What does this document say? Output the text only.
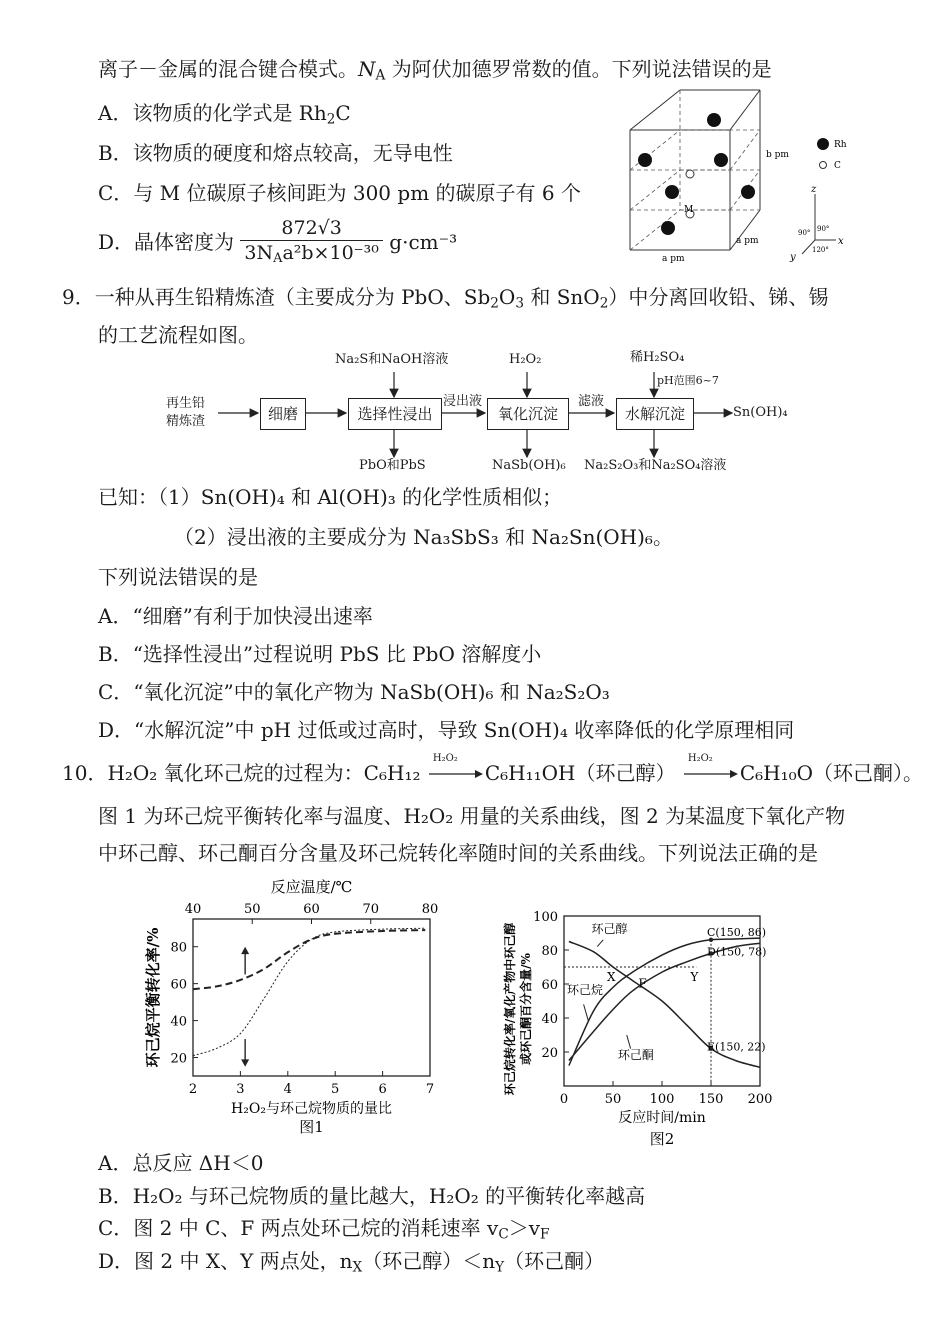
离子－金属的混合键合模式。$N_A$ 为阿伏加德罗常数的值。下列说法错误的是
A．该物质的化学式是 $Rh_2C$
B．该物质的硬度和熔点较高，无导电性
C．与 M 位碳原子核间距为 300 pm 的碳原子有 6 个
D．晶体密度为 $\frac{872√3}{3N_Aa^2b\times 10^{-30}} g\cdot cm^{-3}$
M
b pm
a pm
a pm
Rh
C
z
x
y
90° 90°
120°
9．一种从再生铅精炼渣（主要成分为 PbO、$Sb_2O_3$ 和 SnO$_2$）中分离回收铅、锑、锡
的工艺流程如图。
再生铅
精炼渣	细磨	选择性浸出	氧化沉淀	水解沉淀
Na₂S和NaOH溶液	H₂O₂	稀H₂SO₄
pH范围6~7
浸出液	滤液
PbO和PbS	NaSb(OH)₆ Na₂S₂O₃和Na₂SO₄溶液
Sn(OH)₄
已知：（1）Sn(OH)₄ 和 Al(OH)₃ 的化学性质相似；
（2）浸出液的主要成分为 Na₃SbS₃ 和 Na₂Sn(OH)₆。
下列说法错误的是
A．“细磨”有利于加快浸出速率
B．“选择性浸出”过程说明 PbS 比 PbO 溶解度小
C．“氧化沉淀”中的氧化产物为 NaSb(OH)₆ 和 Na₂S₂O₃
D．“水解沉淀”中 pH 过低或过高时，导致 Sn(OH)₄ 收率降低的化学原理相同
10．H₂O₂ 氧化环己烷的过程为：C₆H₁₂
H₂O₂
C₆H₁₁OH（环己醇）
H₂O₂
C₆H₁₀O（环己酮）。
图 1 为环己烷平衡转化率与温度、H₂O₂ 用量的关系曲线，图 2 为某温度下氧化产物
中环己醇、环己酮百分含量及环己烷转化率随时间的关系曲线。下列说法正确的是
2	3	4	5	6	7
40	50	60	70	80
20
40
60
80
反应温度/℃
H₂O₂与环己烷物质的量比
图1
环己烷平衡转化率/%
0	50 100 150 200
20
40
60
80
100
反应时间/min
图2
环己烷转化率/氧化产物中环己醇 或环己酮百分含量/%
环己醇
环己烷
环己酮
C(150, 86)
D(150, 78)
E(150, 22)
X	Y
F
A．总反应 ΔH＜0
B．H₂O₂ 与环己烷物质的量比越大，H₂O₂ 的平衡转化率越高
C．图 2 中 C、F 两点处环己烷的消耗速率 $v_C>v_F$
D．图 2 中 X、Y 两点处，$n_X$（环己醇）$<n_Y$（环己酮）
